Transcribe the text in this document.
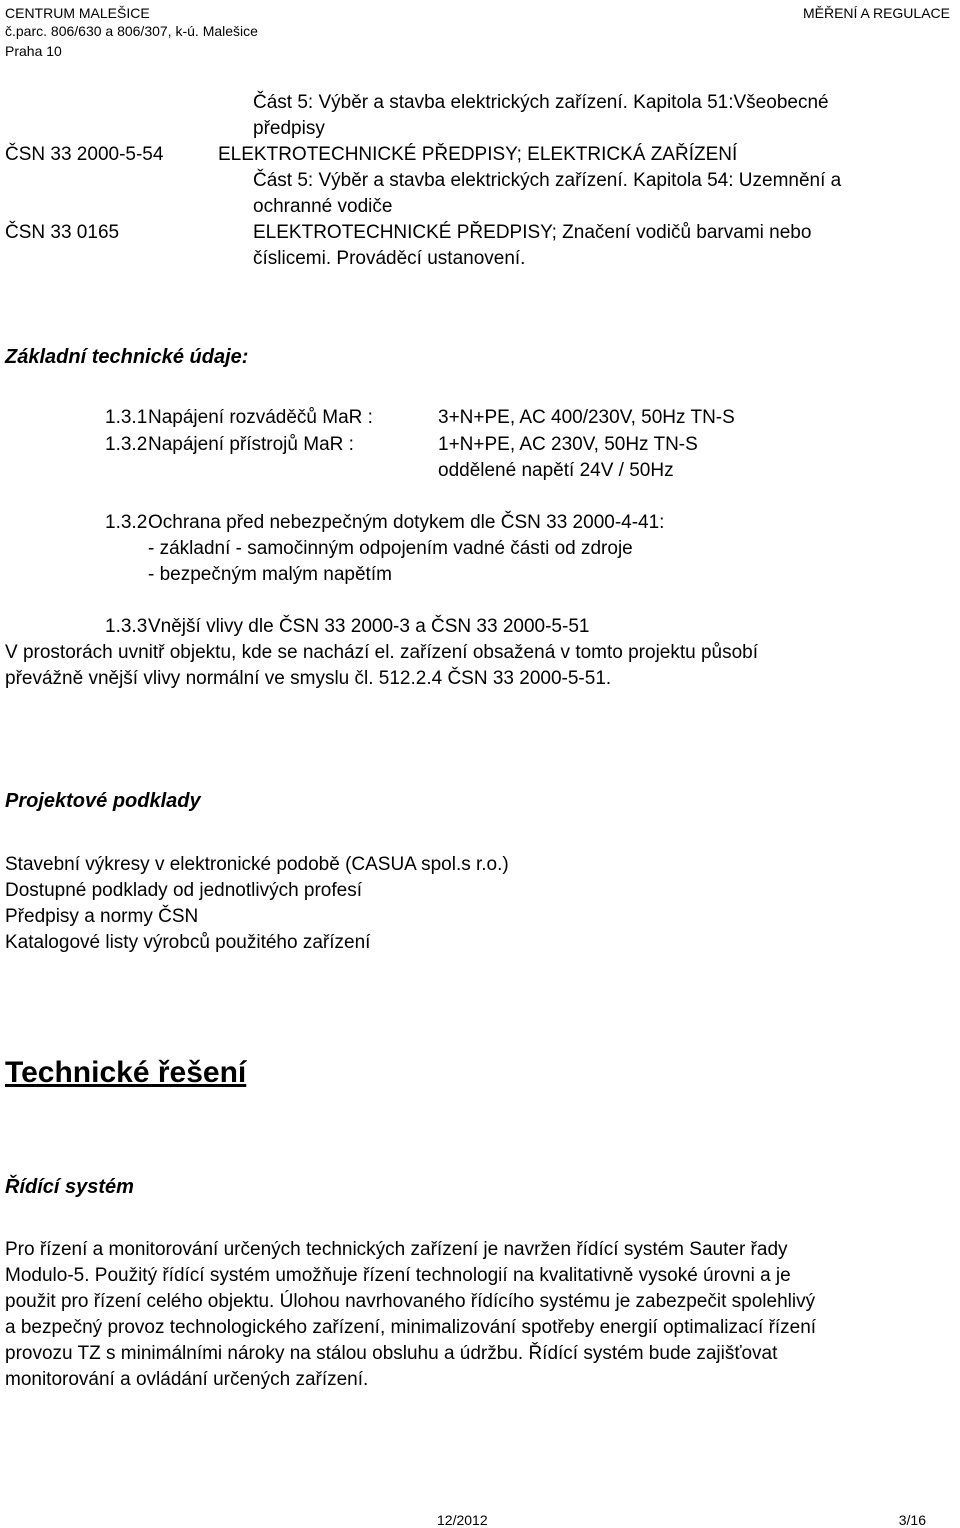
CENTRUM MALEŠICE
č.parc. 806/630 a 806/307, k-ú. Malešice
Praha 10
MĚŘENÍ A REGULACE
Část 5: Výběr a stavba elektrických zařízení. Kapitola 51:Všeobecné
předpisy
ČSN 33 2000-5-54	ELEKTROTECHNICKÉ PŘEDPISY; ELEKTRICKÁ ZAŘÍZENÍ
Část 5: Výběr a stavba elektrických zařízení. Kapitola 54: Uzemnění a
ochranné vodiče
ČSN 33 0165	ELEKTROTECHNICKÉ PŘEDPISY; Značení vodičů barvami nebo
číslicemi. Prováděcí ustanovení.
Základní technické údaje:
1.3.1 Napájení rozváděčů MaR :	3+N+PE, AC 400/230V, 50Hz TN-S
1.3.2 Napájení přístrojů MaR :	1+N+PE, AC 230V, 50Hz TN-S
oddělené napětí 24V / 50Hz
1.3.2 Ochrana před nebezpečným dotykem dle ČSN 33 2000-4-41:
- základní - samočinným odpojením vadné části od zdroje
- bezpečným malým napětím
1.3.3 Vnější vlivy dle ČSN 33 2000-3 a ČSN 33 2000-5-51
V prostorách uvnitř objektu, kde se nachází el. zařízení obsažená v tomto projektu působí
převážně vnější vlivy normální ve smyslu čl. 512.2.4 ČSN 33 2000-5-51.
Projektové podklady
Stavební výkresy v elektronické podobě (CASUA spol.s r.o.)
Dostupné podklady od jednotlivých profesí
Předpisy a normy ČSN
Katalogové listy výrobců použitého zařízení
Technické řešení
Řídící systém
Pro řízení a monitorování určených technických zařízení je navržen řídící systém Sauter řady
Modulo-5. Použitý řídící systém umožňuje řízení technologií na kvalitativně vysoké úrovni a je
použit pro řízení celého objektu. Úlohou navrhovaného řídícího systému je zabezpečit spolehlivý
a bezpečný provoz technologického zařízení, minimalizování spotřeby energií optimalizací řízení
provozu TZ s minimálními nároky na stálou obsluhu a údržbu. Řídící systém bude zajišťovat
monitorování a ovládání určených zařízení.
12/2012	3/16
